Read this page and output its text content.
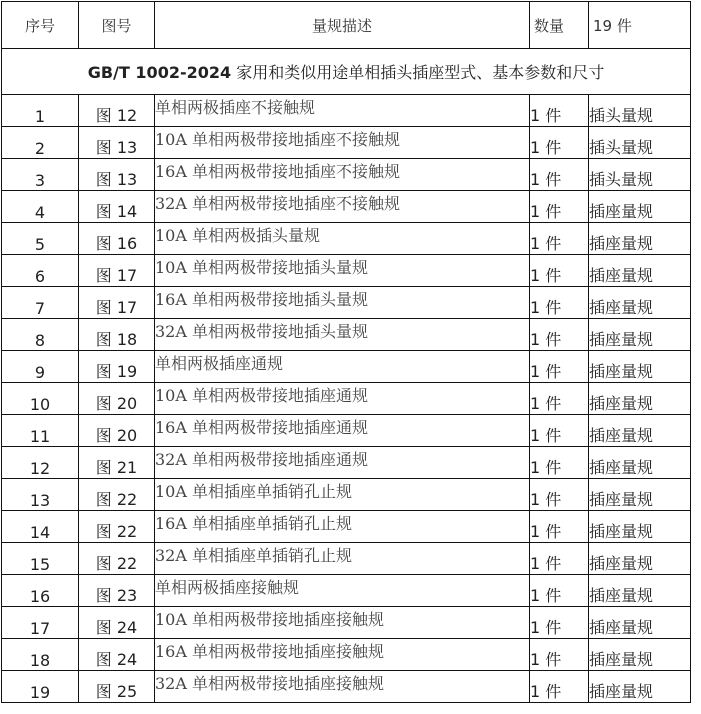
序号	图号	量规描述	数量	19 件
GB/T 1002-2024 家用和类似用途单相插头插座型式、基本参数和尺寸				
1	图 12	单相两极插座不接触规	1 件	插头量规
2	图 13	10A 单相两极带接地插座不接触规	1 件	插头量规
3	图 13	16A 单相两极带接地插座不接触规	1 件	插头量规
4	图 14	32A 单相两极带接地插座不接触规	1 件	插座量规
5	图 16	10A 单相两极插头量规	1 件	插座量规
6	图 17	10A 单相两极带接地插头量规	1 件	插座量规
7	图 17	16A 单相两极带接地插头量规	1 件	插座量规
8	图 18	32A 单相两极带接地插头量规	1 件	插座量规
9	图 19	单相两极插座通规	1 件	插座量规
10	图 20	10A 单相两极带接地插座通规	1 件	插座量规
11	图 20	16A 单相两极带接地插座通规	1 件	插座量规
12	图 21	32A 单相两极带接地插座通规	1 件	插座量规
13	图 22	10A 单相插座单插销孔止规	1 件	插座量规
14	图 22	16A 单相插座单插销孔止规	1 件	插座量规
15	图 22	32A 单相插座单插销孔止规	1 件	插座量规
16	图 23	单相两极插座接触规	1 件	插座量规
17	图 24	10A 单相两极带接地插座接触规	1 件	插座量规
18	图 24	16A 单相两极带接地插座接触规	1 件	插座量规
19	图 25	32A 单相两极带接地插座接触规	1 件	插座量规
